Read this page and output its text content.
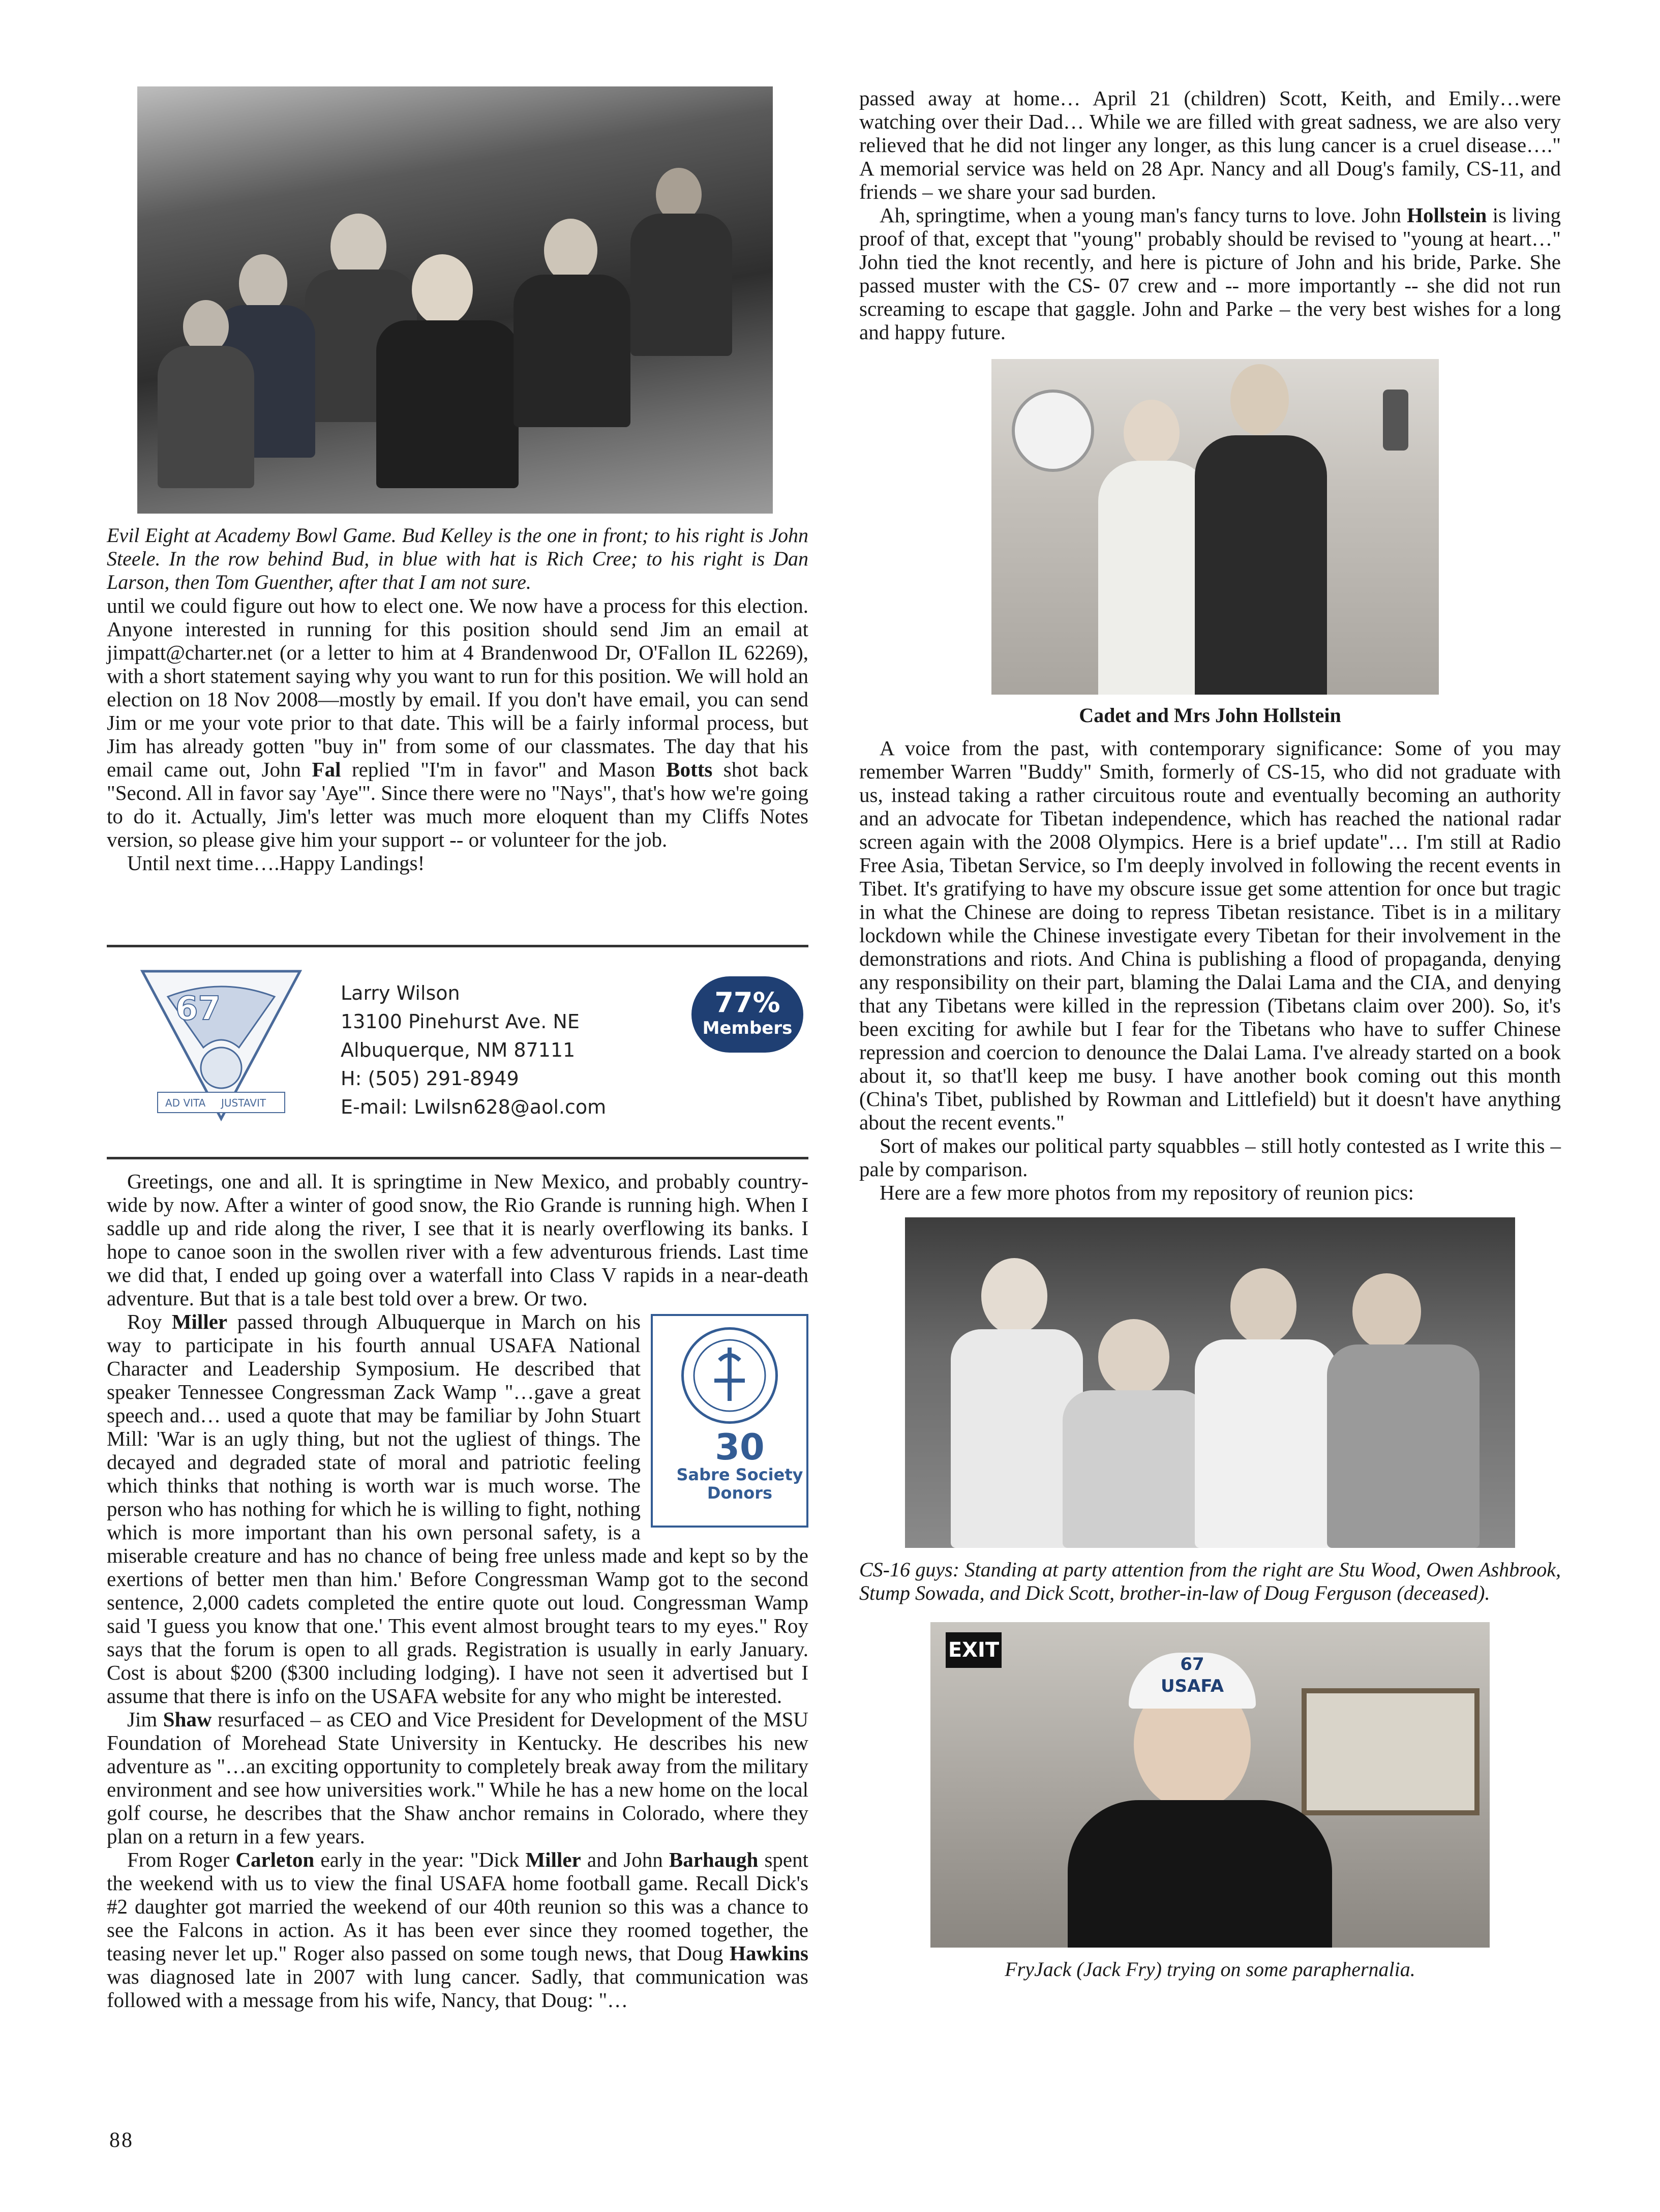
Evil Eight at Academy Bowl Game. Bud Kelley is the one in front; to his right is John Steele. In the row behind Bud, in blue with hat is Rich Cree; to his right is Dan Larson, then Tom Guenther, after that I am not sure.

until we could figure out how to elect one. We now have a process for this election. Anyone interested in running for this position should send Jim an email at jimpatt@charter.net (or a letter to him at 4 Brandenwood Dr, O'Fallon IL 62269), with a short statement saying why you want to run for this position. We will hold an election on 18 Nov 2008—mostly by email. If you don't have email, you can send Jim or me your vote prior to that date. This will be a fairly informal process, but Jim has already gotten "buy in" from some of our classmates. The day that his email came out, John Fal replied "I'm in favor" and Mason Botts shot back "Second. All in favor say 'Aye'". Since there were no "Nays", that's how we're going to do it. Actually, Jim's letter was much more eloquent than my Cliffs Notes version, so please give him your support -- or volunteer for the job.

Until next time….Happy Landings!

67
AD VITA JUSTAVIT
Larry Wilson
13100 Pinehurst Ave. NE
Albuquerque, NM 87111
H: (505) 291-8949
E-mail: Lwilsn628@aol.com
77%
Members

Greetings, one and all. It is springtime in New Mexico, and probably country-wide by now. After a winter of good snow, the Rio Grande is running high. When I saddle up and ride along the river, I see that it is nearly overflowing its banks. I hope to canoe soon in the swollen river with a few adventurous friends. Last time we did that, I ended up going over a waterfall into Class V rapids in a near-death adventure. But that is a tale best told over a brew. Or two.

30
Sabre Society
Donors
Roy Miller passed through Albuquerque in March on his way to participate in his fourth annual USAFA National Character and Leadership Symposium. He described that speaker Tennessee Congressman Zack Wamp "…gave a great speech and… used a quote that may be familiar by John Stuart Mill: 'War is an ugly thing, but not the ugliest of things. The decayed and degraded state of moral and patriotic feeling which thinks that nothing is worth war is much worse. The person who has nothing for which he is willing to fight, nothing which is more important than his own personal safety, is a miserable creature and has no chance of being free unless made and kept so by the exertions of better men than him.' Before Congressman Wamp got to the second sentence, 2,000 cadets completed the entire quote out loud. Congressman Wamp said 'I guess you know that one.' This event almost brought tears to my eyes." Roy says that the forum is open to all grads. Registration is usually in early January. Cost is about $200 ($300 including lodging). I have not seen it advertised but I assume that there is info on the USAFA website for any who might be interested.

Jim Shaw resurfaced – as CEO and Vice President for Development of the MSU Foundation of Morehead State University in Kentucky. He describes his new adventure as "…an exciting opportunity to completely break away from the military environment and see how universities work." While he has a new home on the local golf course, he describes that the Shaw anchor remains in Colorado, where they plan on a return in a few years.

From Roger Carleton early in the year: "Dick Miller and John Barhaugh spent the weekend with us to view the final USAFA home football game. Recall Dick's #2 daughter got married the weekend of our 40th reunion so this was a chance to see the Falcons in action. As it has been ever since they roomed together, the teasing never let up." Roger also passed on some tough news, that Doug Hawkins was diagnosed late in 2007 with lung cancer. Sadly, that communication was followed with a message from his wife, Nancy, that Doug: "…

passed away at home… April 21 (children) Scott, Keith, and Emily…were watching over their Dad… While we are filled with great sadness, we are also very relieved that he did not linger any longer, as this lung cancer is a cruel disease…." A memorial service was held on 28 Apr. Nancy and all Doug's family, CS-11, and friends – we share your sad burden.

Ah, springtime, when a young man's fancy turns to love. John Hollstein is living proof of that, except that "young" probably should be revised to "young at heart…" John tied the knot recently, and here is picture of John and his bride, Parke. She passed muster with the CS- 07 crew and -- more importantly -- she did not run screaming to escape that gaggle. John and Parke – the very best wishes for a long and happy future.

Cadet and Mrs John Hollstein

A voice from the past, with contemporary significance: Some of you may remember Warren "Buddy" Smith, formerly of CS-15, who did not graduate with us, instead taking a rather circuitous route and eventually becoming an authority and an advocate for Tibetan independence, which has reached the national radar screen again with the 2008 Olympics. Here is a brief update"… I'm still at Radio Free Asia, Tibetan Service, so I'm deeply involved in following the recent events in Tibet. It's gratifying to have my obscure issue get some attention for once but tragic in what the Chinese are doing to repress Tibetan resistance. Tibet is in a military lockdown while the Chinese investigate every Tibetan for their involvement in the demonstrations and riots. And China is publishing a flood of propaganda, denying any responsibility on their part, blaming the Dalai Lama and the CIA, and denying that any Tibetans were killed in the repression (Tibetans claim over 200). So, it's been exciting for awhile but I fear for the Tibetans who have to suffer Chinese repression and coercion to denounce the Dalai Lama. I've already started on a book about it, so that'll keep me busy. I have another book coming out this month (China's Tibet, published by Rowman and Littlefield) but it doesn't have anything about the recent events."

Sort of makes our political party squabbles – still hotly contested as I write this – pale by comparison.

Here are a few more photos from my repository of reunion pics:

CS-16 guys: Standing at party attention from the right are Stu Wood, Owen Ashbrook, Stump Sowada, and Dick Scott, brother-in-law of Doug Ferguson (deceased).

EXIT
67
USAFA

FryJack (Jack Fry) trying on some paraphernalia.

88
